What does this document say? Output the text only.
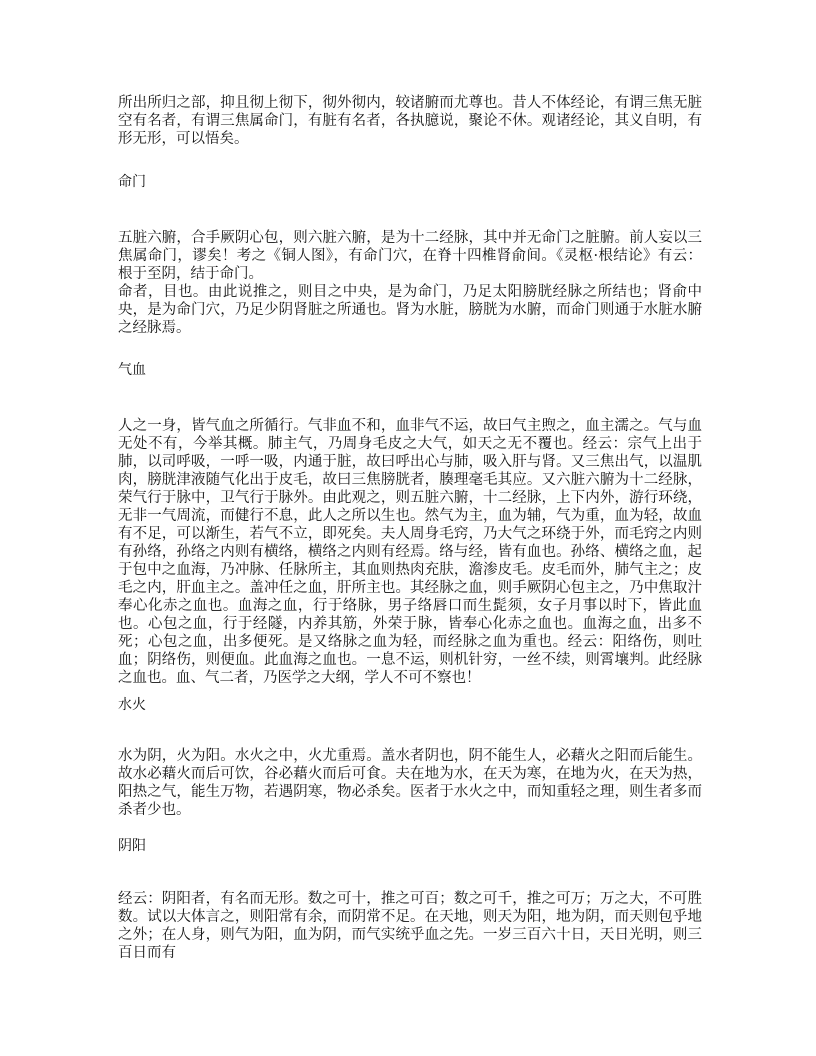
所出所归之部，抑且彻上彻下，彻外彻内，较诸腑而尤尊也。昔人不体经论，有谓三焦无脏空有名者，有谓三焦属命门，有脏有名者，各执臆说，聚论不休。观诸经论，其义自明，有形无形，可以悟矣。

命门

五脏六腑，合手厥阴心包，则六脏六腑，是为十二经脉，其中并无命门之脏腑。前人妄以三焦属命门，谬矣！考之《铜人图》，有命门穴，在脊十四椎肾俞间。《灵枢·根结论》有云：根于至阴，结于命门。

命者，目也。由此说推之，则目之中央，是为命门，乃足太阳膀胱经脉之所结也；肾俞中央，是为命门穴，乃足少阴肾脏之所通也。肾为水脏，膀胱为水腑，而命门则通于水脏水腑之经脉焉。

气血

人之一身，皆气血之所循行。气非血不和，血非气不运，故曰气主煦之，血主濡之。气与血无处不有，今举其概。肺主气，乃周身毛皮之大气，如天之无不覆也。经云：宗气上出于肺，以司呼吸，一呼一吸，内通于脏，故曰呼出心与肺，吸入肝与肾。又三焦出气，以温肌肉，膀胱津液随气化出于皮毛，故曰三焦膀胱者，腠理毫毛其应。又六脏六腑为十二经脉，荣气行于脉中，卫气行于脉外。由此观之，则五脏六腑，十二经脉，上下内外，游行环绕，无非一气周流，而健行不息，此人之所以生也。然气为主，血为辅，气为重，血为轻，故血有不足，可以渐生，若气不立，即死矣。夫人周身毛窍，乃大气之环绕于外，而毛窍之内则有孙络，孙络之内则有横络，横络之内则有经焉。络与经，皆有血也。孙络、横络之血，起于包中之血海，乃冲脉、任脉所主，其血则热肉充肤，澹渗皮毛。皮毛而外，肺气主之；皮毛之内，肝血主之。盖冲任之血，肝所主也。其经脉之血，则手厥阴心包主之，乃中焦取汁奉心化赤之血也。血海之血，行于络脉，男子络唇口而生髭须，女子月事以时下，皆此血也。心包之血，行于经隧，内养其筋，外荣于脉，皆奉心化赤之血也。血海之血，出多不死；心包之血，出多便死。是又络脉之血为轻，而经脉之血为重也。经云：阳络伤，则吐血；阴络伤，则便血。此血海之血也。一息不运，则机针穷，一丝不续，则霄壤判。此经脉之血也。血、气二者，乃医学之大纲，学人不可不察也！

水火

水为阴，火为阳。水火之中，火尤重焉。盖水者阴也，阴不能生人，必藉火之阳而后能生。故水必藉火而后可饮，谷必藉火而后可食。夫在地为水，在天为寒，在地为火，在天为热，阳热之气，能生万物，若遇阴寒，物必杀矣。医者于水火之中，而知重轻之理，则生者多而杀者少也。

阴阳

经云：阴阳者，有名而无形。数之可十，推之可百；数之可千，推之可万；万之大，不可胜数。试以大体言之，则阳常有余，而阴常不足。在天地，则天为阳，地为阴，而天则包乎地之外；在人身，则气为阳，血为阴，而气实统乎血之先。一岁三百六十日，天日光明，则三百日而有
